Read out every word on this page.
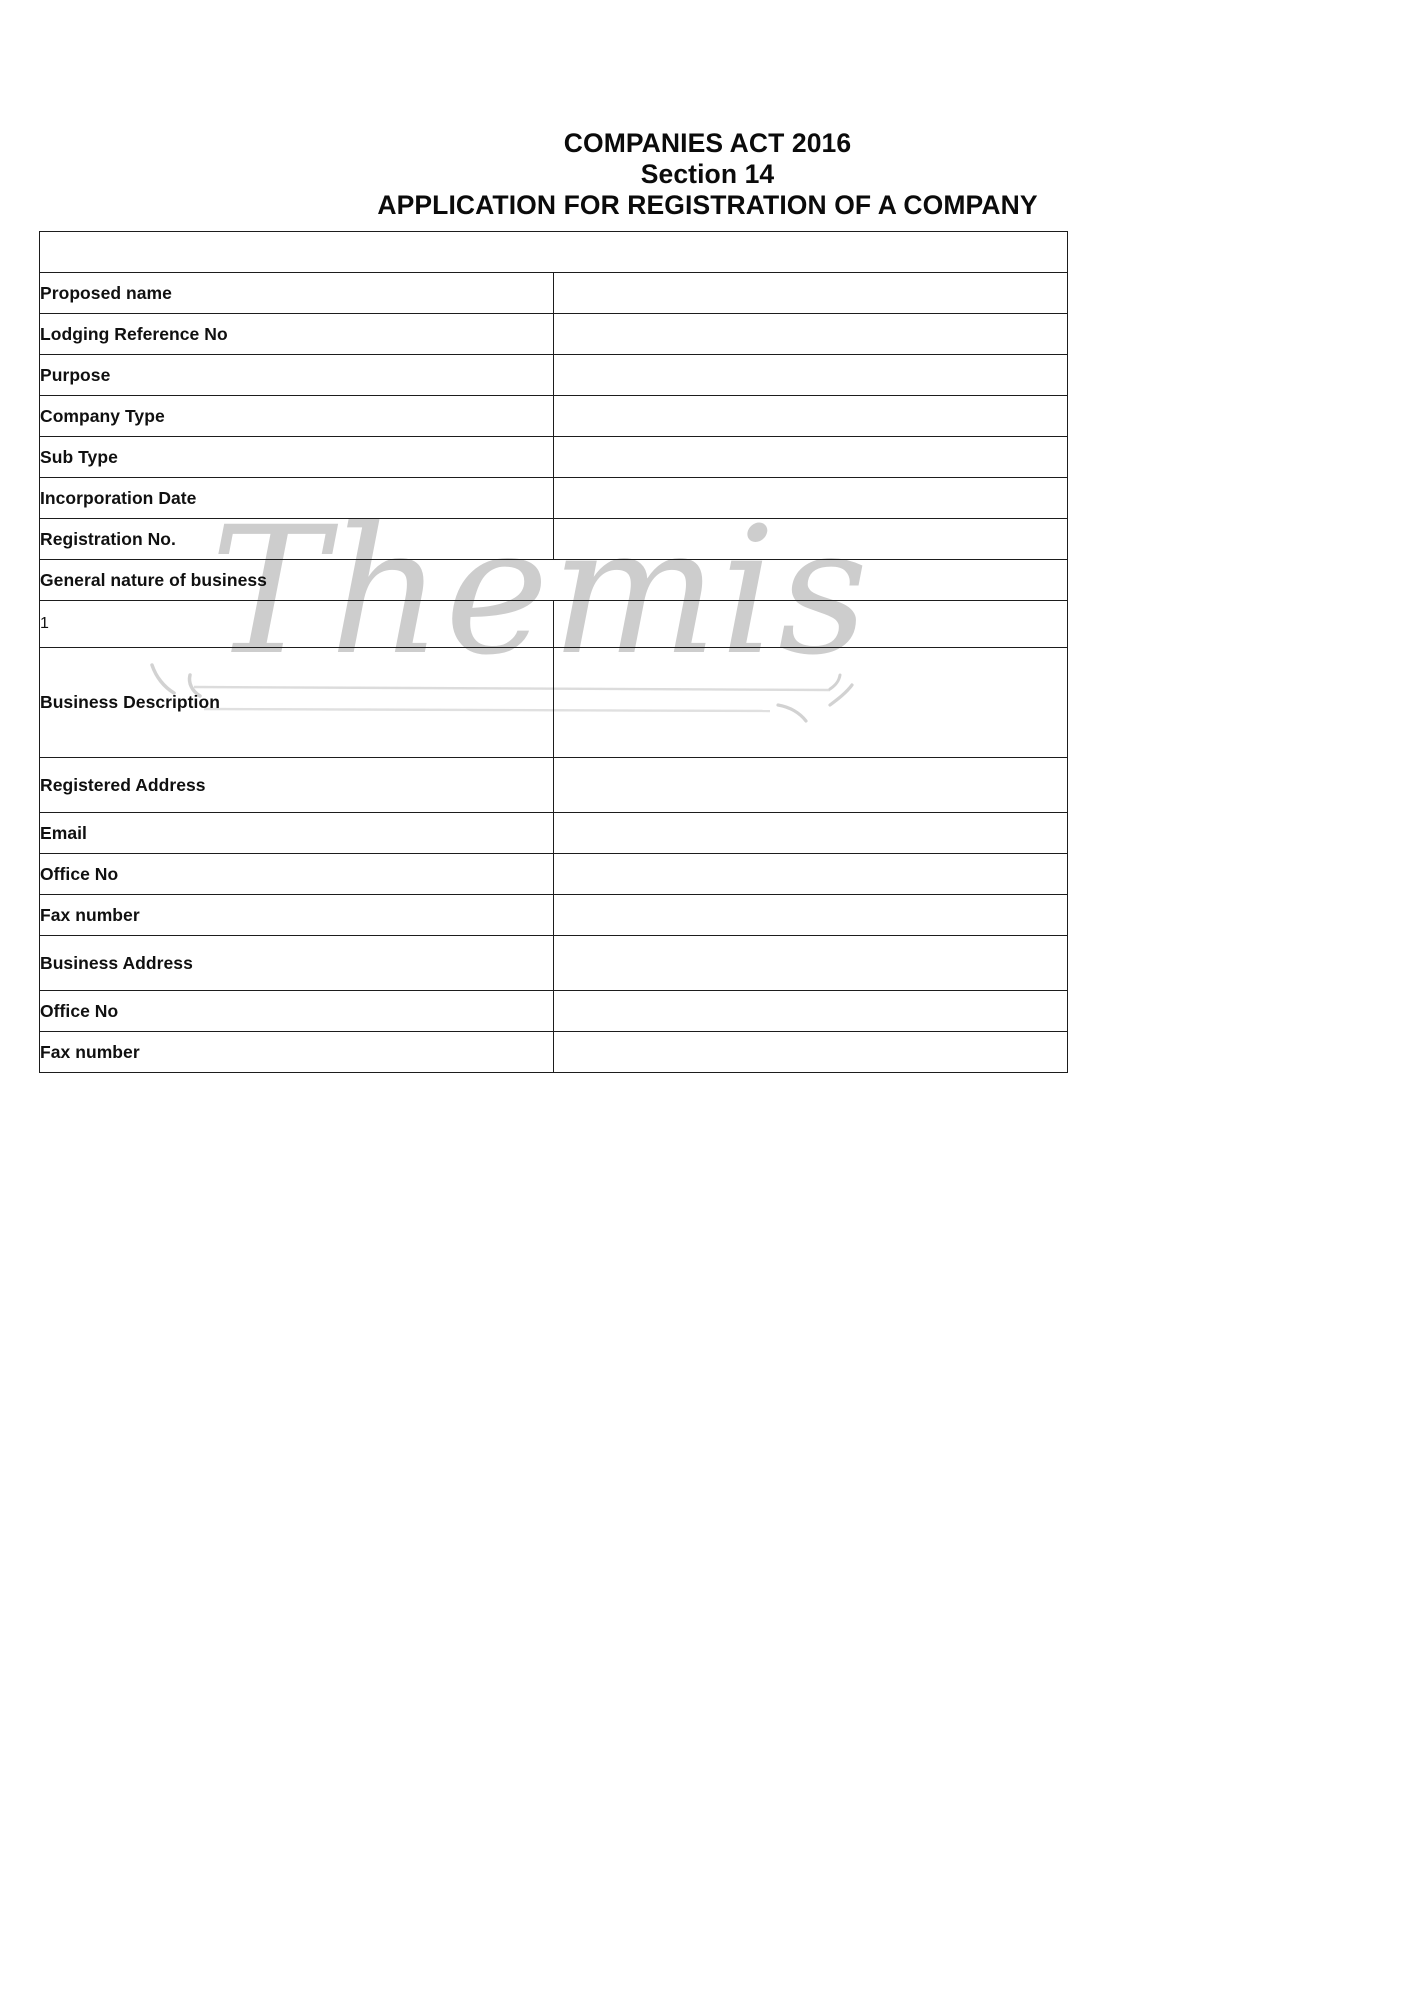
COMPANIES ACT 2016
Section 14
APPLICATION FOR REGISTRATION OF A COMPANY
Themis
PARTICULARS OF COMPANY	
Proposed name	
Lodging Reference No	
Purpose	
Company Type	
Sub Type	
Incorporation Date	
Registration No.	
General nature of business	
1	
Business Description	
Registered Address	
Email	
Office No	
Fax number	
Business Address	
Office No	
Fax number	
